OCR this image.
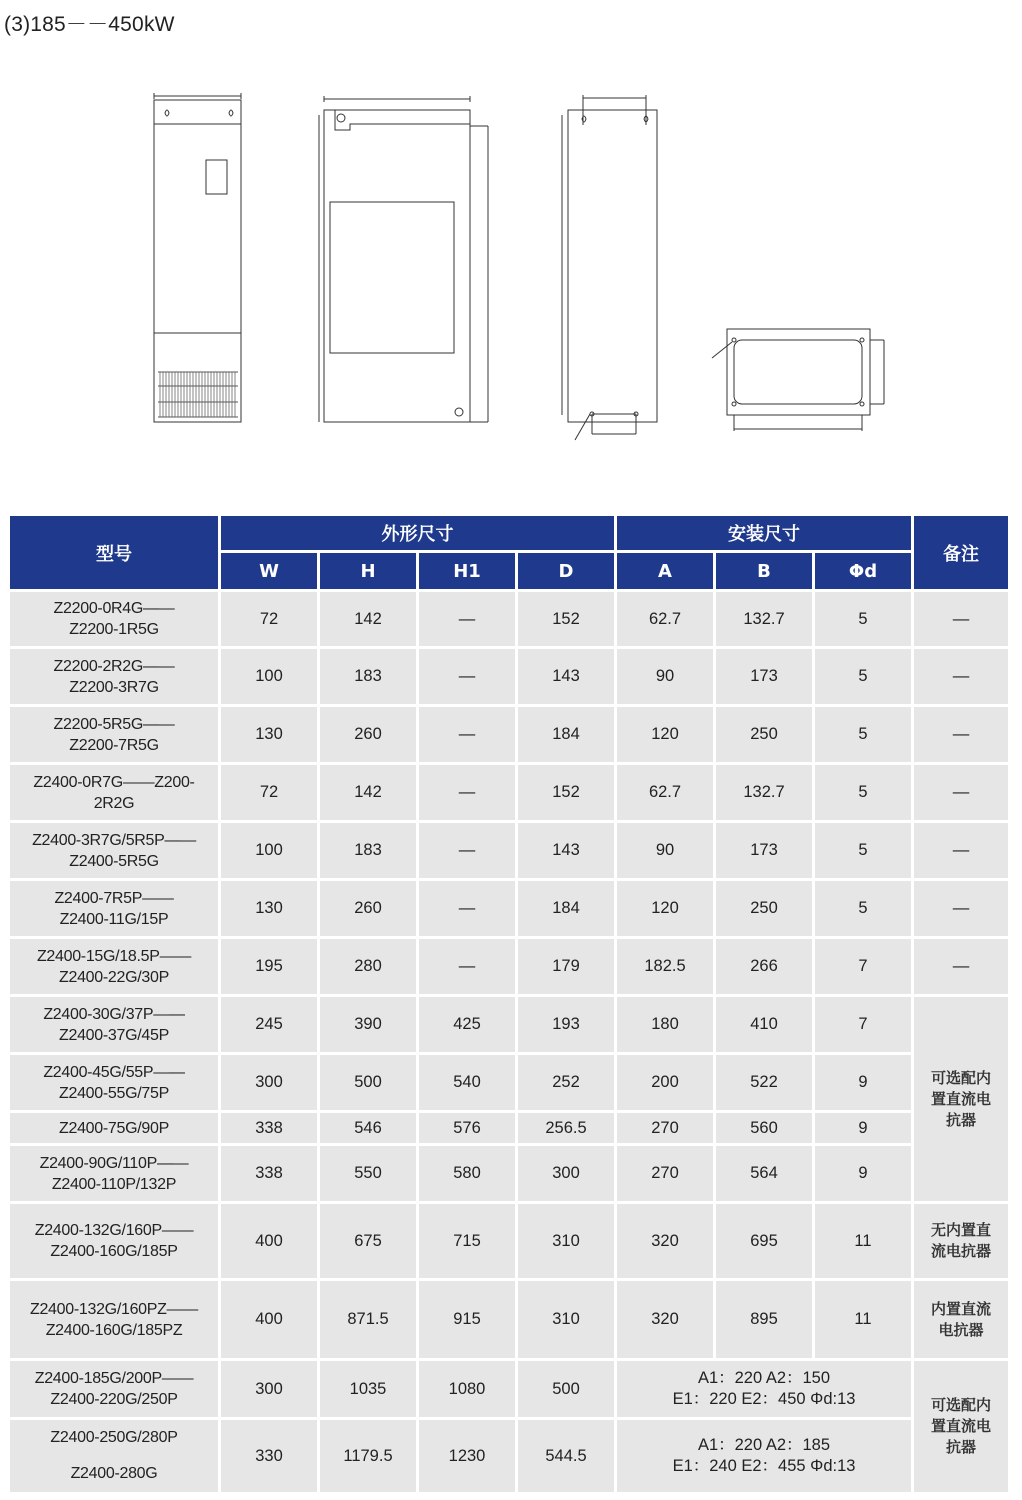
(3)185－－450kW
型号	外形尺寸				安装尺寸			备注
	W	H	H1	D	A	B	Φd	

Z2200-0R4G——
Z2200-1R5G	72	142	—	152	62.7	132.7	5	—

Z2200-2R2G——
Z2200-3R7G	100	183	—	143	90	173	5	—

Z2200-5R5G——
Z2200-7R5G	130	260	—	184	120	250	5	—

Z2400-0R7G——Z200-
2R2G	72	142	—	152	62.7	132.7	5	—

Z2400-3R7G/5R5P——
Z2400-5R5G	100	183	—	143	90	173	5	—

Z2400-7R5P——
Z2400-11G/15P	130	260	—	184	120	250	5	—

Z2400-15G/18.5P——
Z2400-22G/30P	195	280	—	179	182.5	266	7	—

Z2400-30G/37P——
Z2400-37G/45P	245	390	425	193	180	410	7	可选配内
置直流电
抗器

Z2400-45G/55P——
Z2400-55G/75P	300	500	540	252	200	522	9	

Z2400-75G/90P	338	546	576	256.5	270	560	9	

Z2400-90G/110P——
Z2400-110P/132P	338	550	580	300	270	564	9	

Z2400-132G/160P——
Z2400-160G/185P	400	675	715	310	320	695	11	无内置直
流电抗器

Z2400-132G/160PZ——
Z2400-160G/185PZ	400	871.5	915	310	320	895	11	内置直流
电抗器

Z2400-185G/200P——
Z2400-220G/250P	300	1035	1080	500	A1：220 A2：150
E1：220 E2：450 Φd:13			可选配内
置直流电
抗器

Z2400-250G/280P
Z2400-280G	330	1179.5	1230	544.5	A1：220 A2：185
E1：240 E2：455 Φd:13			
